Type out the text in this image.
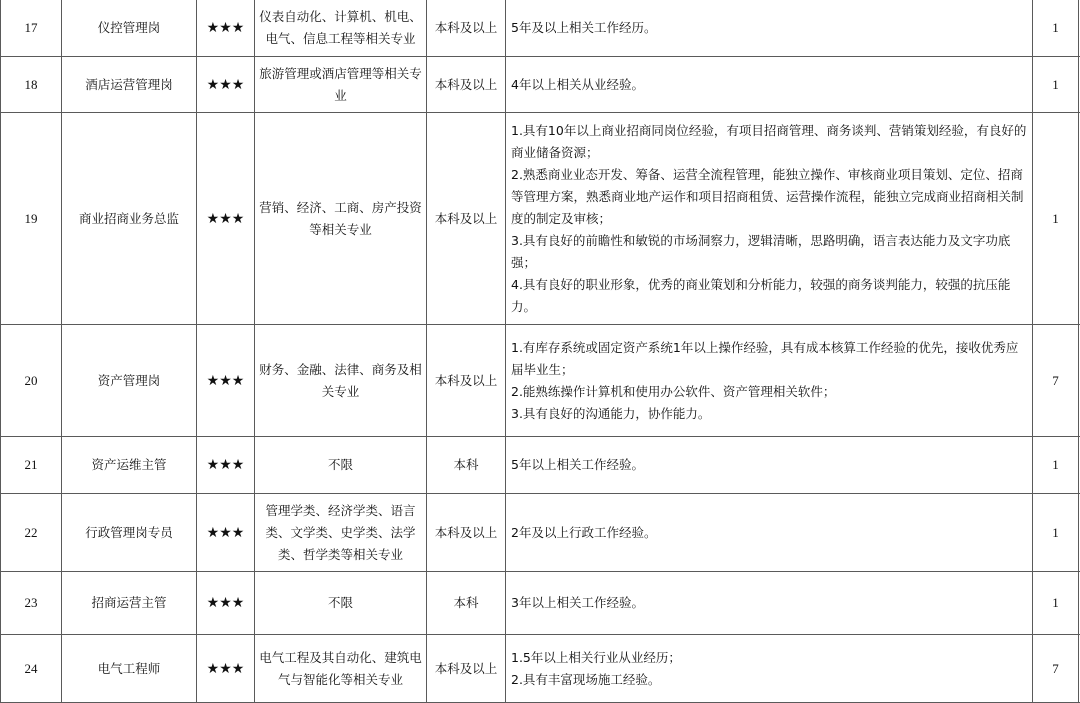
17	仪控管理岗	★★★	仪表自动化、计算机、机电、电气、信息工程等相关专业	本科及以上	5年及以上相关工作经历。	1	
18	酒店运营管理岗	★★★	旅游管理或酒店管理等相关专业	本科及以上	4年以上相关从业经验。	1	
19	商业招商业务总监	★★★	营销、经济、工商、房产投资等相关专业	本科及以上	1.具有10年以上商业招商同岗位经验，有项目招商管理、商务谈判、营销策划经验，有良好的商业储备资源；
2.熟悉商业业态开发、筹备、运营全流程管理，能独立操作、审核商业项目策划、定位、招商等管理方案，熟悉商业地产运作和项目招商租赁、运营操作流程，能独立完成商业招商相关制度的制定及审核；
3.具有良好的前瞻性和敏锐的市场洞察力，逻辑清晰，思路明确，语言表达能力及文字功底强；
4.具有良好的职业形象，优秀的商业策划和分析能力，较强的商务谈判能力，较强的抗压能力。	1	
20	资产管理岗	★★★	财务、金融、法律、商务及相关专业	本科及以上	1.有库存系统或固定资产系统1年以上操作经验，具有成本核算工作经验的优先，接收优秀应届毕业生；
2.能熟练操作计算机和使用办公软件、资产管理相关软件；
3.具有良好的沟通能力，协作能力。	7	
21	资产运维主管	★★★	不限	本科	5年以上相关工作经验。	1	
22	行政管理岗专员	★★★	管理学类、经济学类、语言类、文学类、史学类、法学类、哲学类等相关专业	本科及以上	2年及以上行政工作经验。	1	
23	招商运营主管	★★★	不限	本科	3年以上相关工作经验。	1	
24	电气工程师	★★★	电气工程及其自动化、建筑电气与智能化等相关专业	本科及以上	1.5年以上相关行业从业经历；
2.具有丰富现场施工经验。	7	
